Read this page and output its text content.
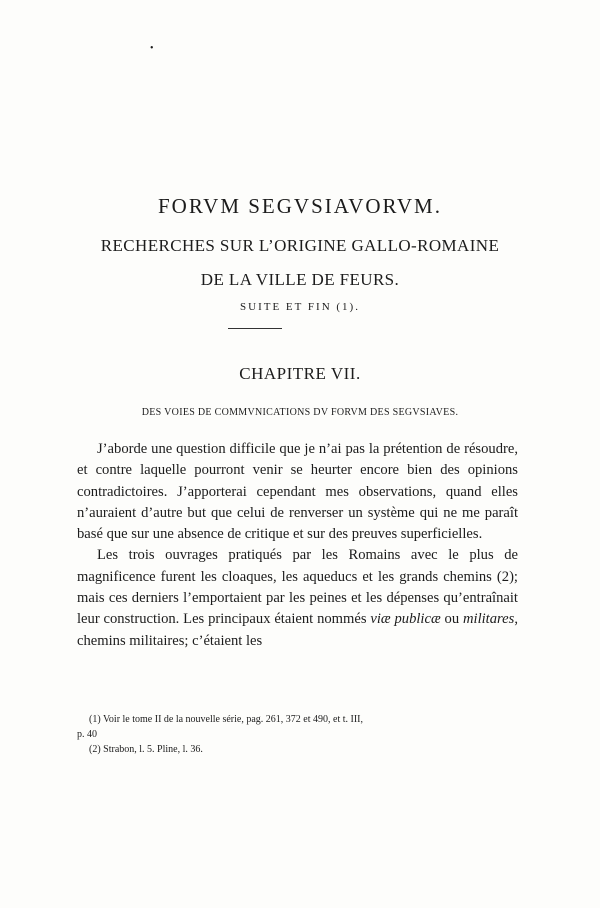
•
FORVM SEGVSIAVORVM.
RECHERCHES SUR L’ORIGINE GALLO-ROMAINE
DE LA VILLE DE FEURS.
SUITE ET FIN (1).
CHAPITRE VII.
DES VOIES DE COMMVNICATIONS DV FORVM DES SEGVSIAVES.

J’aborde une question difficile que je n’ai pas la prétention de résoudre, et contre laquelle pourront venir se heurter encore bien des opinions contradictoires. J’apporterai cependant mes observations, quand elles n’auraient d’autre but que celui de renverser un système qui ne me paraît basé que sur une absence de critique et sur des preuves superficielles.

Les trois ouvrages pratiqués par les Romains avec le plus de magnificence furent les cloaques, les aqueducs et les grands chemins (2); mais ces derniers l’emportaient par les peines et les dépenses qu’entraînait leur construction. Les principaux étaient nommés viæ publicæ ou militares, chemins militaires; c’étaient les

(1) Voir le tome II de la nouvelle série, pag. 261, 372 et 490, et t. III,
p. 40
(2) Strabon, l. 5. Pline, l. 36.
